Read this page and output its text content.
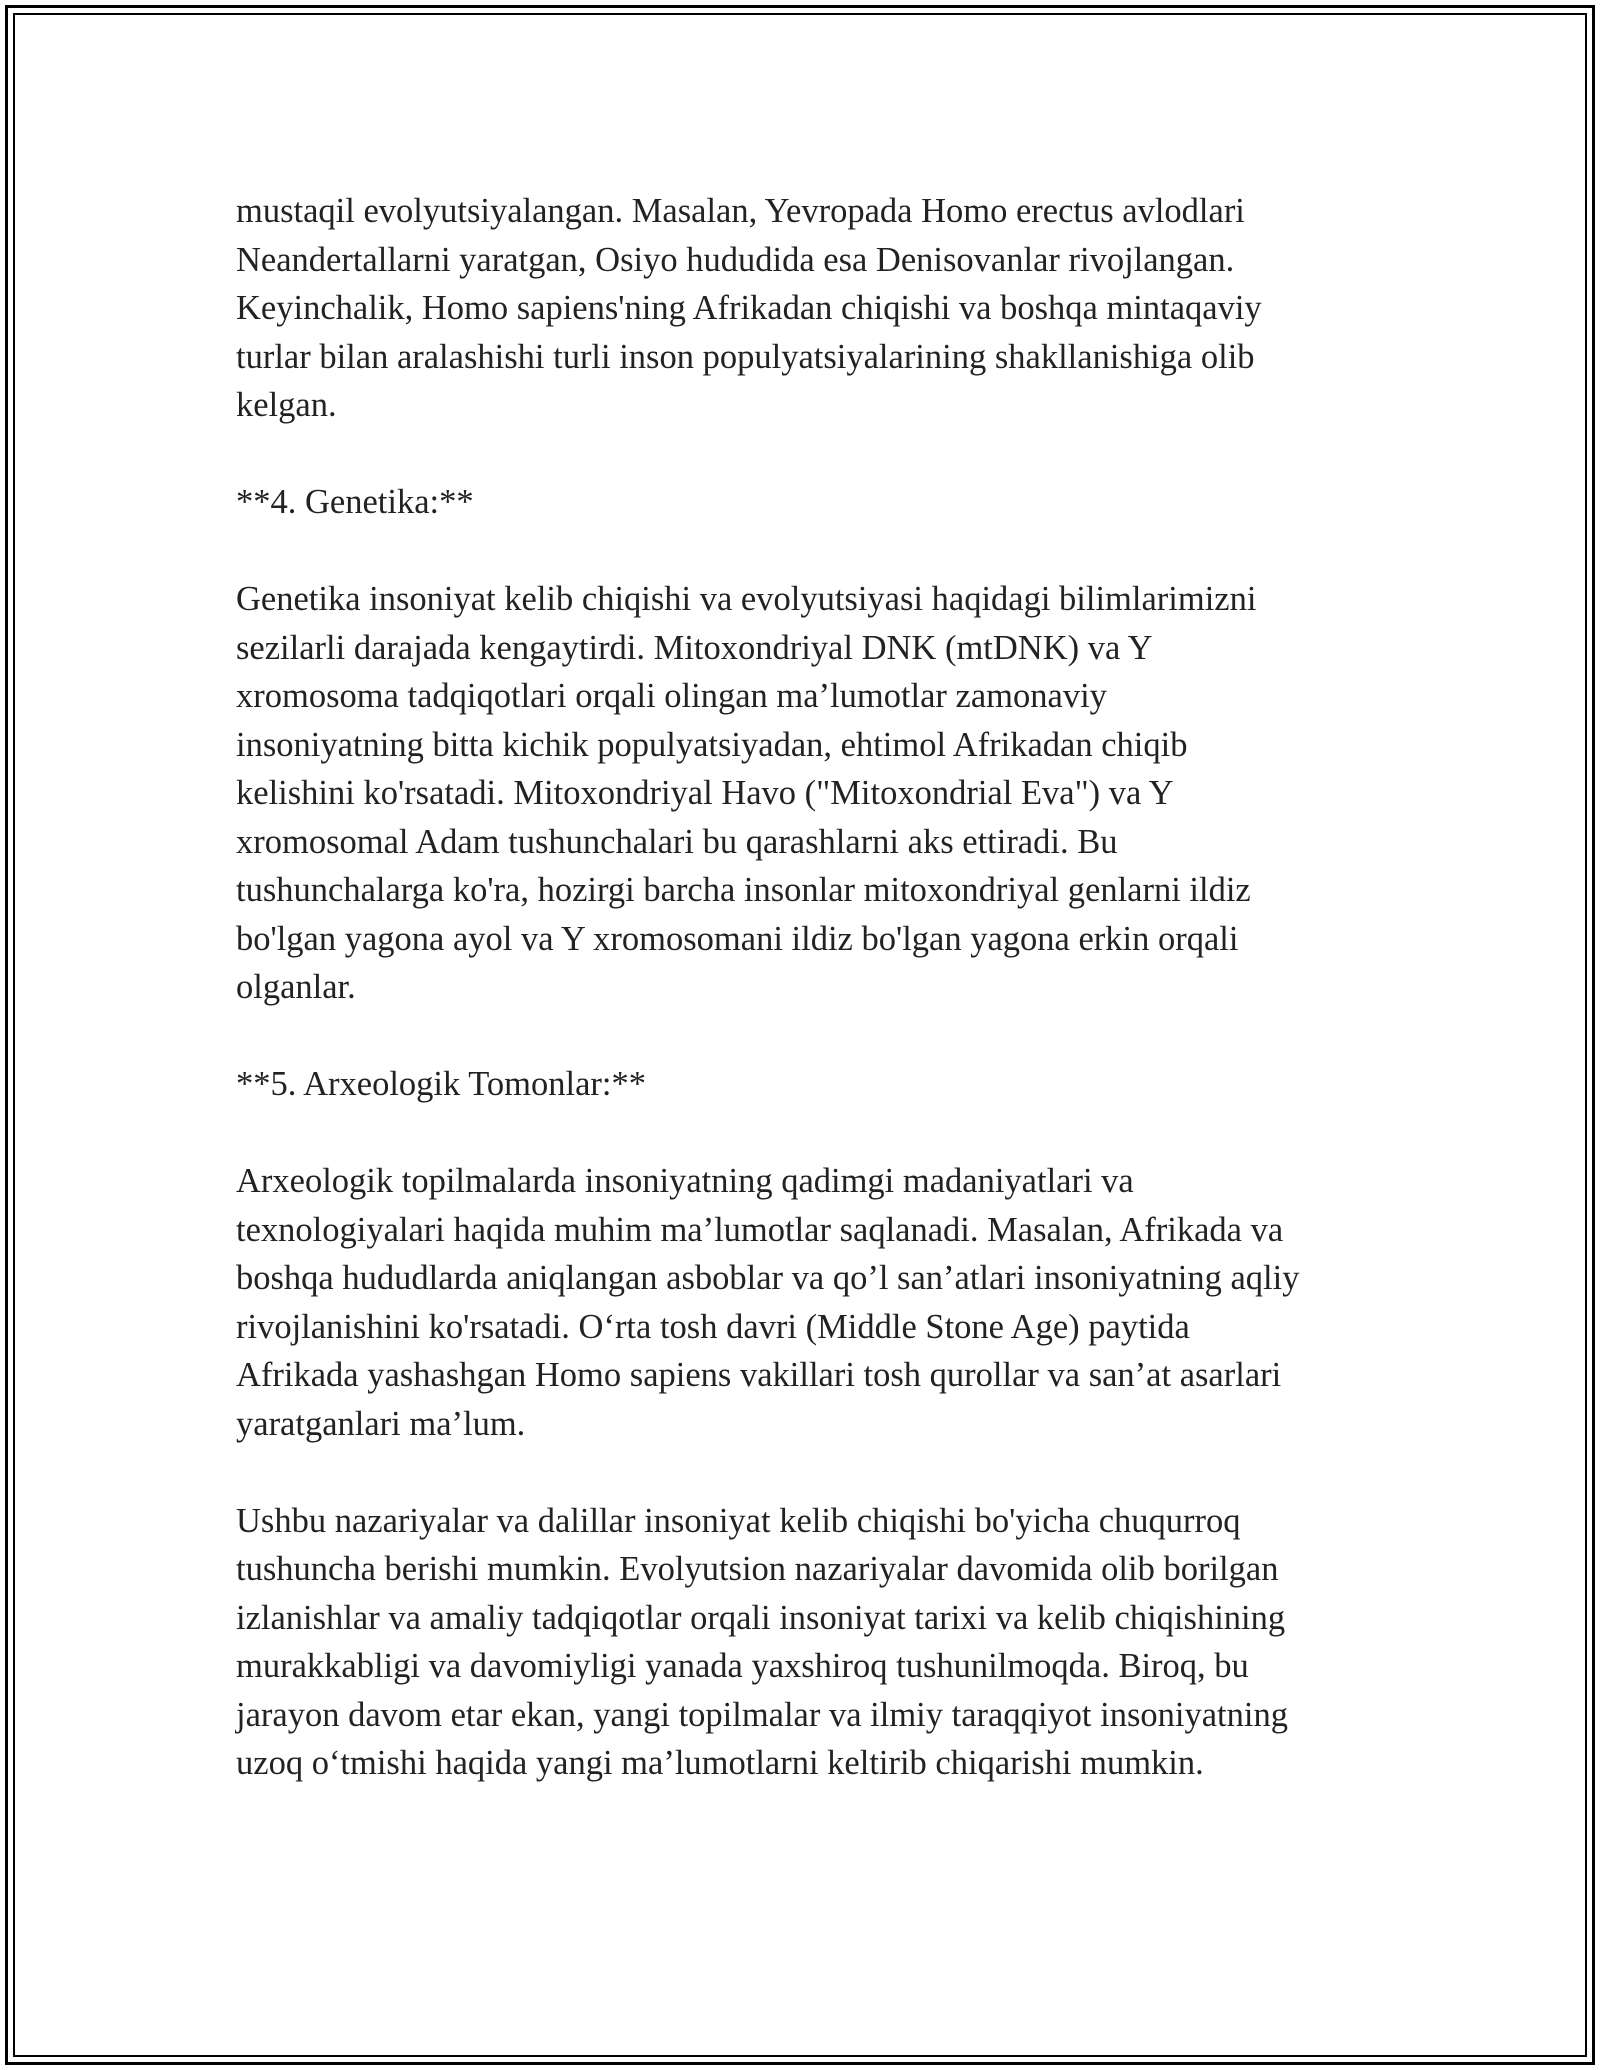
mustaqil evolyutsiyalangan. Masalan, Yevropada Homo erectus avlodlari

Neandertallarni yaratgan, Osiyo hududida esa Denisovanlar rivojlangan.

Keyinchalik, Homo sapiens'ning Afrikadan chiqishi va boshqa mintaqaviy

turlar bilan aralashishi turli inson populyatsiyalarining shakllanishiga olib

kelgan.

**4. Genetika:**

Genetika insoniyat kelib chiqishi va evolyutsiyasi haqidagi bilimlarimizni

sezilarli darajada kengaytirdi. Mitoxondriyal DNK (mtDNK) va Y

xromosoma tadqiqotlari orqali olingan ma’lumotlar zamonaviy

insoniyatning bitta kichik populyatsiyadan, ehtimol Afrikadan chiqib

kelishini ko'rsatadi. Mitoxondriyal Havo ("Mitoxondrial Eva") va Y

xromosomal Adam tushunchalari bu qarashlarni aks ettiradi. Bu

tushunchalarga ko'ra, hozirgi barcha insonlar mitoxondriyal genlarni ildiz

bo'lgan yagona ayol va Y xromosomani ildiz bo'lgan yagona erkin orqali

olganlar.

**5. Arxeologik Tomonlar:**

Arxeologik topilmalarda insoniyatning qadimgi madaniyatlari va

texnologiyalari haqida muhim ma’lumotlar saqlanadi. Masalan, Afrikada va

boshqa hududlarda aniqlangan asboblar va qo’l san’atlari insoniyatning aqliy

rivojlanishini ko'rsatadi. O‘rta tosh davri (Middle Stone Age) paytida

Afrikada yashashgan Homo sapiens vakillari tosh qurollar va san’at asarlari

yaratganlari ma’lum.

Ushbu nazariyalar va dalillar insoniyat kelib chiqishi bo'yicha chuqurroq

tushuncha berishi mumkin. Evolyutsion nazariyalar davomida olib borilgan

izlanishlar va amaliy tadqiqotlar orqali insoniyat tarixi va kelib chiqishining

murakkabligi va davomiyligi yanada yaxshiroq tushunilmoqda. Biroq, bu

jarayon davom etar ekan, yangi topilmalar va ilmiy taraqqiyot insoniyatning

uzoq o‘tmishi haqida yangi ma’lumotlarni keltirib chiqarishi mumkin.
